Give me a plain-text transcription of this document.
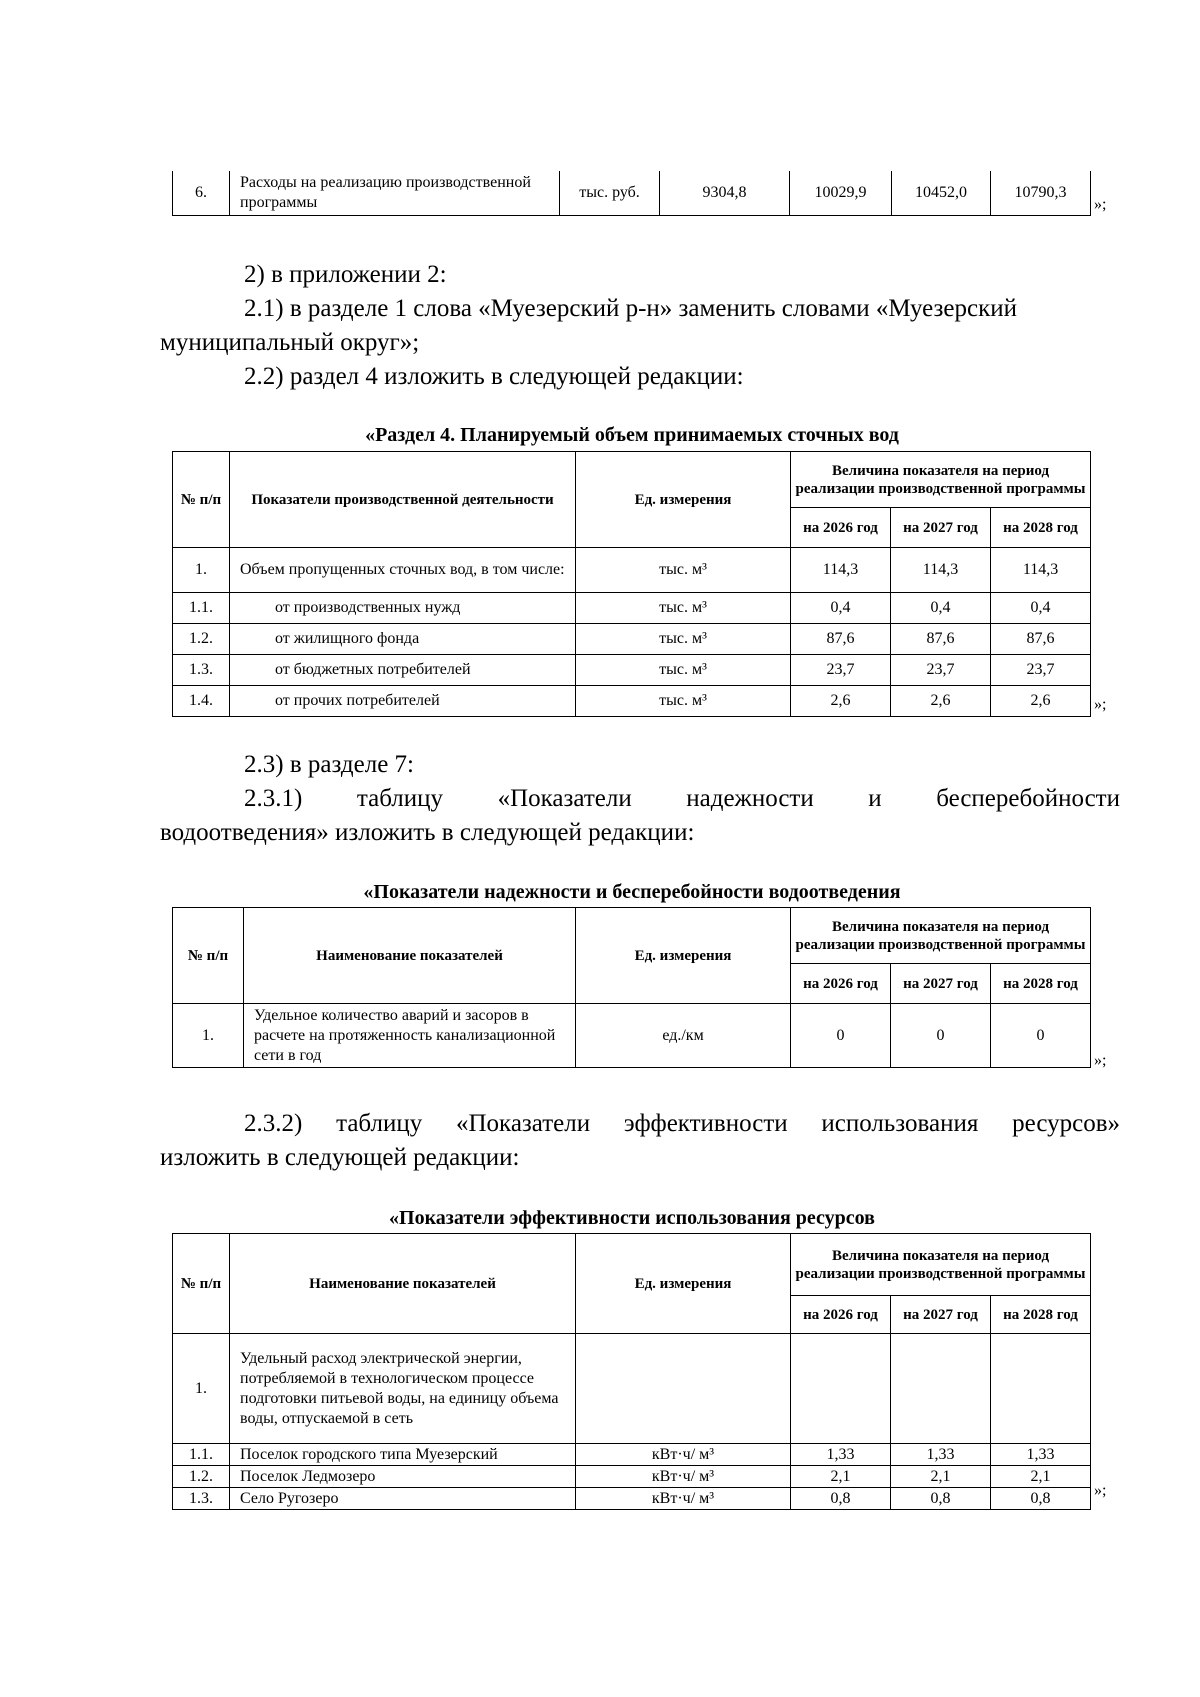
6.	Расходы на реализацию производственной программы	тыс. руб.	9304,8	10029,9	10452,0	10790,3
»;
2) в приложении 2:
2.1) в разделе 1 слова «Муезерский р-н» заменить словами «Муезерский
муниципальный округ»;
2.2) раздел 4 изложить в следующей редакции:
«Раздел 4. Планируемый объем принимаемых сточных вод
№ п/п	Показатели производственной деятельности	Ед. измерения	Величина показателя на период реализации производственной программы		
			на 2026 год	на 2027 год	на 2028 год
1.	Объем пропущенных сточных вод, в том числе:	тыс. м³	114,3	114,3	114,3
1.1.	от производственных нужд	тыс. м³	0,4	0,4	0,4
1.2.	от жилищного фонда	тыс. м³	87,6	87,6	87,6
1.3.	от бюджетных потребителей	тыс. м³	23,7	23,7	23,7
1.4.	от прочих потребителей	тыс. м³	2,6	2,6	2,6	»;
2.3) в разделе 7:
2.3.1) таблицу «Показатели надежности и бесперебойности
водоотведения» изложить в следующей редакции:
«Показатели надежности и бесперебойности водоотведения
№ п/п	Наименование показателей	Ед. измерения	Величина показателя на период реализации производственной программы		
			на 2026 год	на 2027 год	на 2028 год
1.	Удельное количество аварий и засоров в расчете на протяженность канализационной сети в год	ед./км	0	0	0
»;
2.3.2) таблицу «Показатели эффективности использования ресурсов»
изложить в следующей редакции:
«Показатели эффективности использования ресурсов
№ п/п	Наименование показателей	Ед. измерения	Величина показателя на период реализации производственной программы		
			на 2026 год	на 2027 год	на 2028 год
1.	Удельный расход электрической энергии, потребляемой в технологическом процессе подготовки питьевой воды, на единицу объема воды, отпускаемой в сеть				
1.1.	Поселок городского типа Муезерский	кВт·ч/ м³	1,33	1,33	1,33
1.2.	Поселок Ледмозеро	кВт·ч/ м³	2,1	2,1	2,1
1.3.	Село Ругозеро	кВт·ч/ м³	0,8	0,8	0,8	»;
